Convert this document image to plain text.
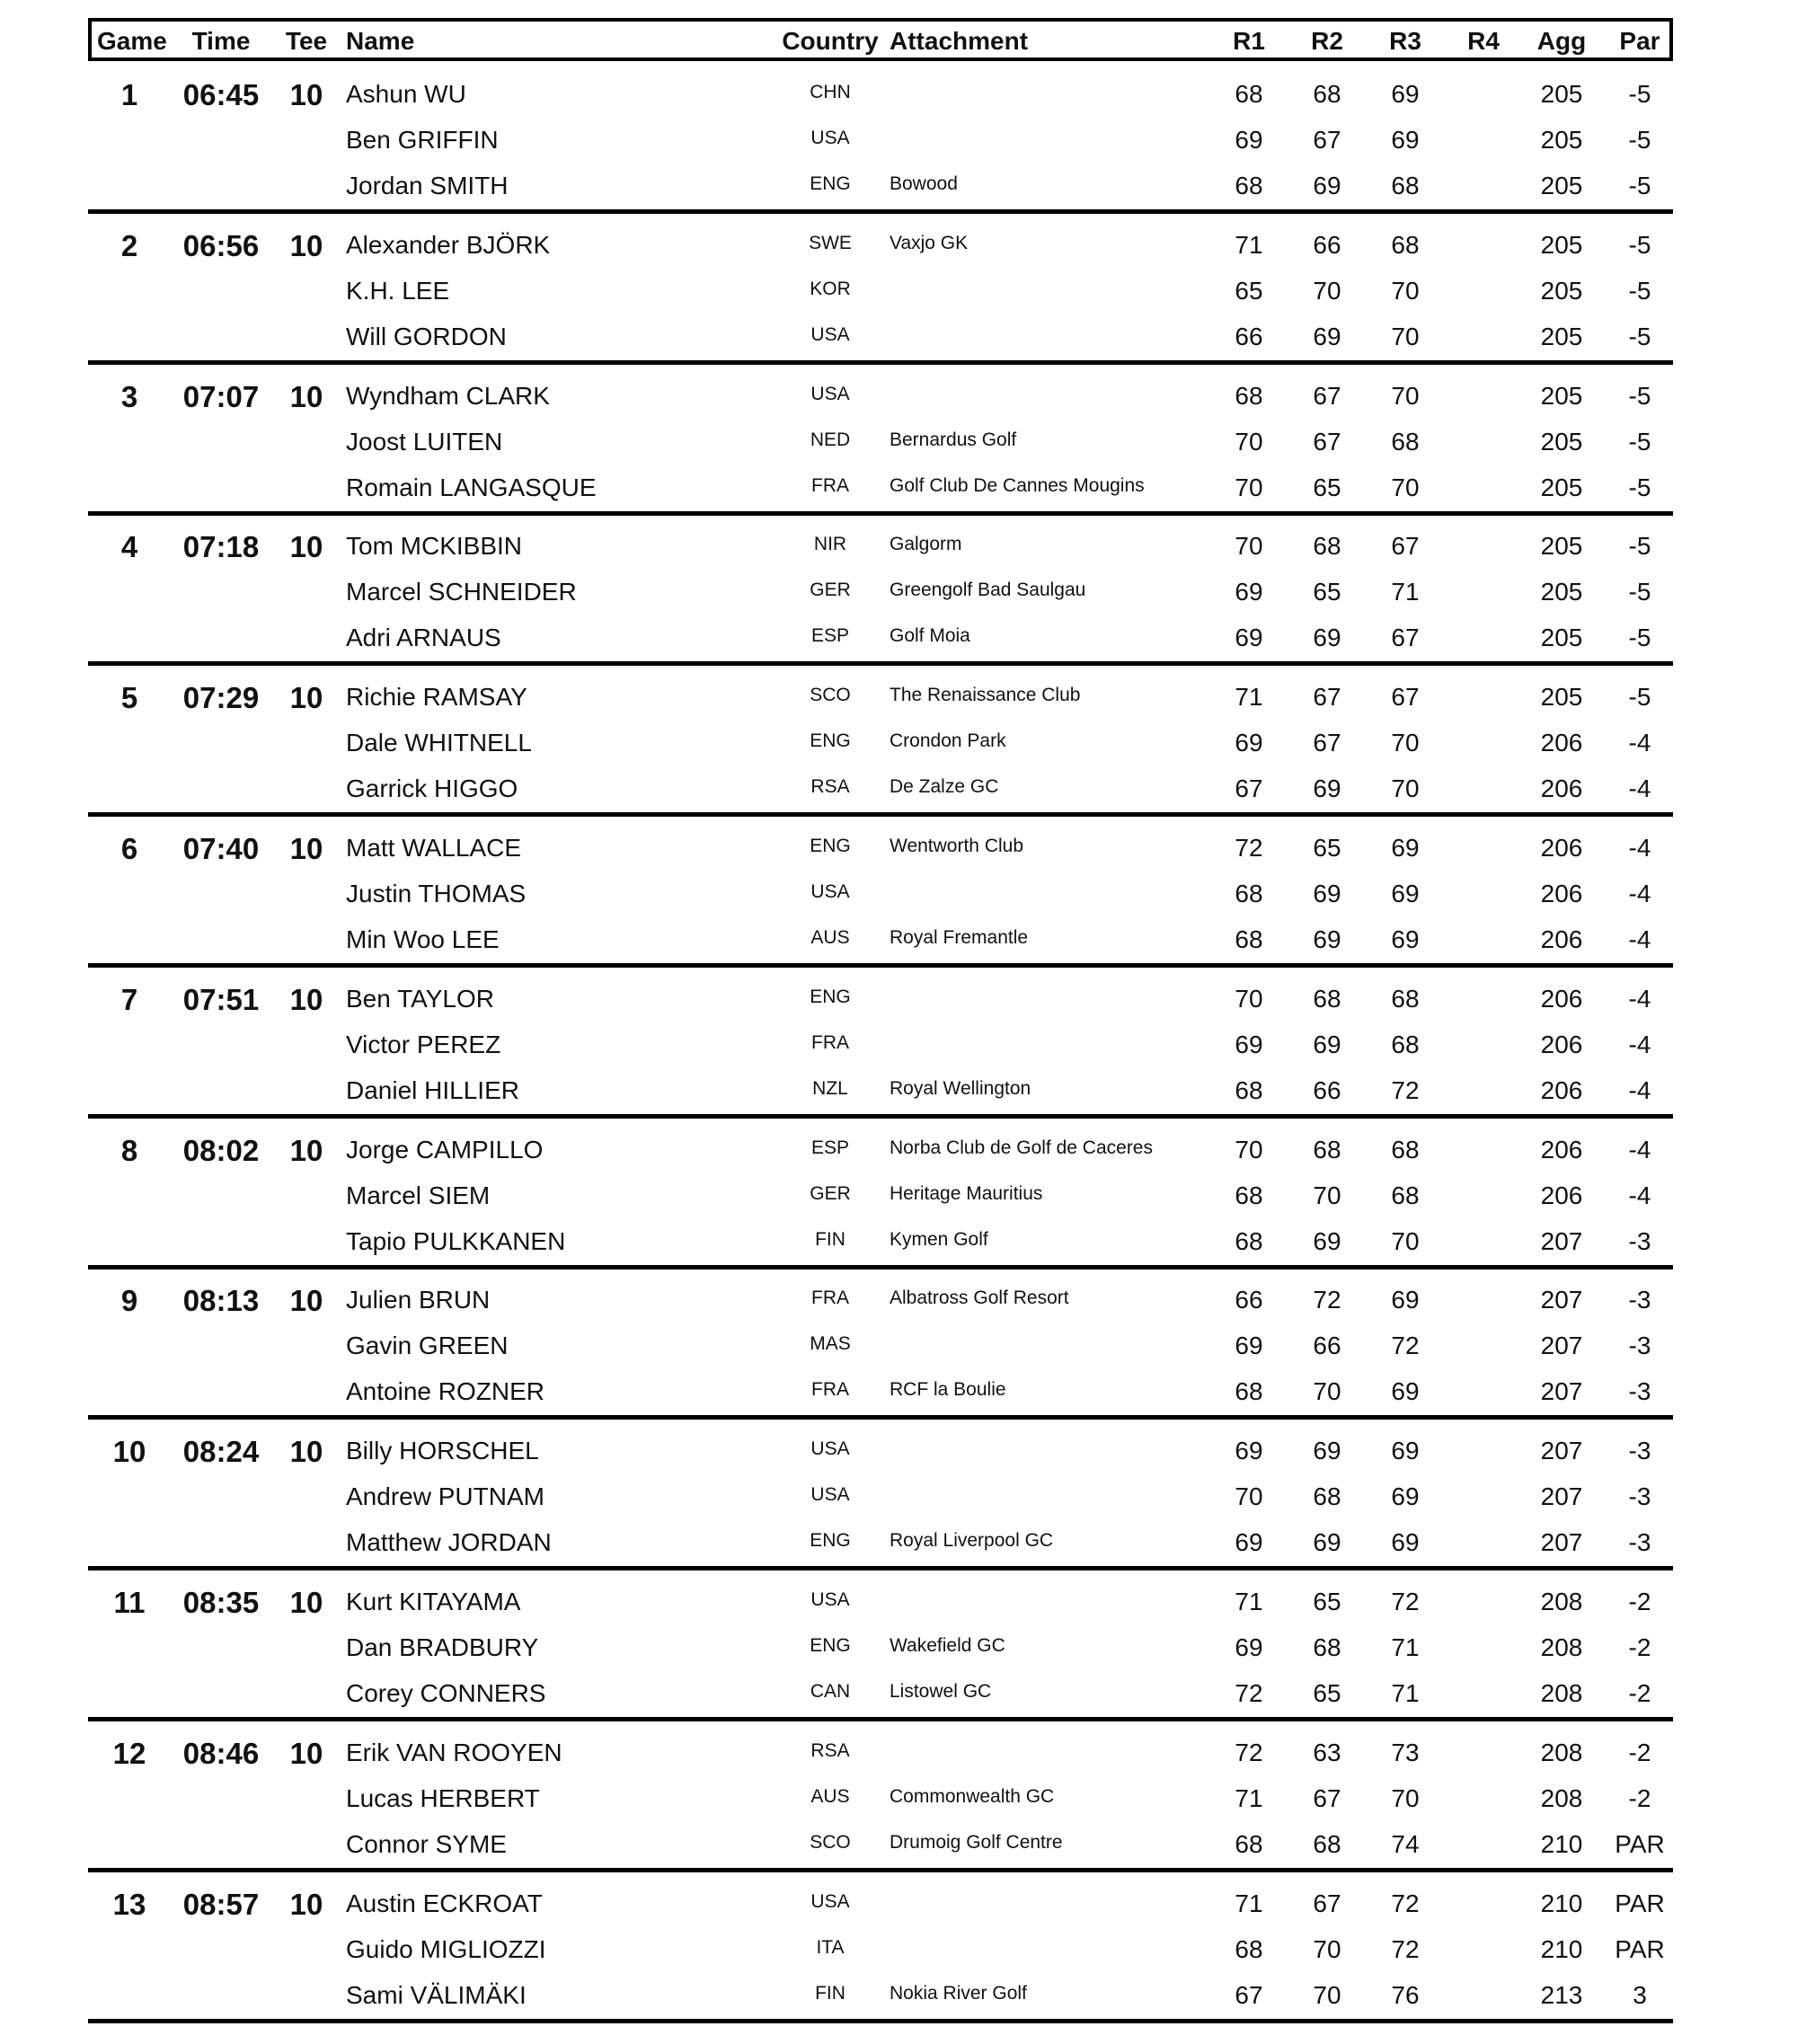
Game Time Tee Name	Country Attachment	R1 R2 R3 R4 Agg Par
1 06:45 10 Ashun WU	CHN	68 68 69	205 -5
Ben GRIFFIN	USA	69 67 69	205 -5
Jordan SMITH	ENG Bowood	68 69 68	205 -5
2 06:56 10 Alexander BJÖRK	SWE Vaxjo GK	71 66 68	205 -5
K.H. LEE	KOR	65 70 70	205 -5
Will GORDON	USA	66 69 70	205 -5
3 07:07 10 Wyndham CLARK	USA	68 67 70	205 -5
Joost LUITEN	NED Bernardus Golf	70 67 68	205 -5
Romain LANGASQUE	FRA Golf Club De Cannes Mougins	70 65 70	205 -5
4 07:18 10 Tom MCKIBBIN	NIR Galgorm	70 68 67	205 -5
Marcel SCHNEIDER	GER Greengolf Bad Saulgau	69 65 71	205 -5
Adri ARNAUS	ESP Golf Moia	69 69 67	205 -5
5 07:29 10 Richie RAMSAY	SCO The Renaissance Club	71 67 67	205 -5
Dale WHITNELL	ENG Crondon Park	69 67 70	206 -4
Garrick HIGGO	RSA De Zalze GC	67 69 70	206 -4
6 07:40 10 Matt WALLACE	ENG Wentworth Club	72 65 69	206 -4
Justin THOMAS	USA	68 69 69	206 -4
Min Woo LEE	AUS Royal Fremantle	68 69 69	206 -4
7 07:51 10 Ben TAYLOR	ENG	70 68 68	206 -4
Victor PEREZ	FRA	69 69 68	206 -4
Daniel HILLIER	NZL Royal Wellington	68 66 72	206 -4
8 08:02 10 Jorge CAMPILLO	ESP Norba Club de Golf de Caceres	70 68 68	206 -4
Marcel SIEM	GER Heritage Mauritius	68 70 68	206 -4
Tapio PULKKANEN	FIN Kymen Golf	68 69 70	207 -3
9 08:13 10 Julien BRUN	FRA Albatross Golf Resort	66 72 69	207 -3
Gavin GREEN	MAS	69 66 72	207 -3
Antoine ROZNER	FRA RCF la Boulie	68 70 69	207 -3
10 08:24 10 Billy HORSCHEL	USA	69 69 69	207 -3
Andrew PUTNAM	USA	70 68 69	207 -3
Matthew JORDAN	ENG Royal Liverpool GC	69 69 69	207 -3
11 08:35 10 Kurt KITAYAMA	USA	71 65 72	208 -2
Dan BRADBURY	ENG Wakefield GC	69 68 71	208 -2
Corey CONNERS	CAN Listowel GC	72 65 71	208 -2
12 08:46 10 Erik VAN ROOYEN	RSA	72 63 73	208 -2
Lucas HERBERT	AUS Commonwealth GC	71 67 70	208 -2
Connor SYME	SCO Drumoig Golf Centre	68 68 74	210 PAR
13 08:57 10 Austin ECKROAT	USA	71 67 72	210 PAR
Guido MIGLIOZZI	ITA	68 70 72	210 PAR
Sami VÄLIMÄKI	FIN Nokia River Golf	67 70 76	213 3
